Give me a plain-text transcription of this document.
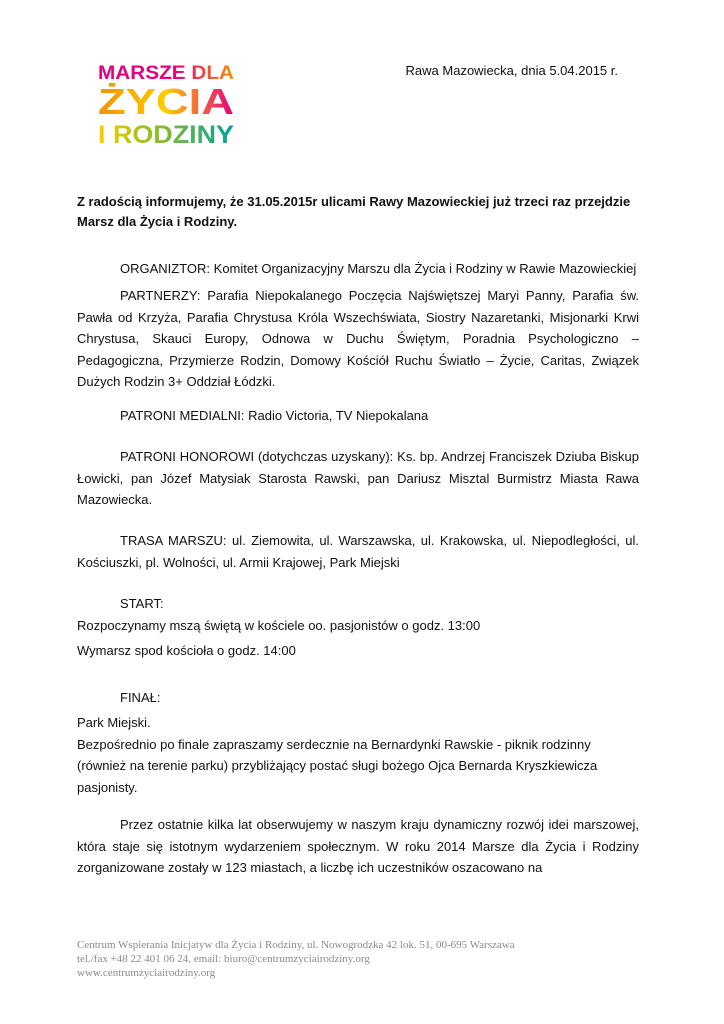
MARSZE DLA
ŻYCIA
I RODZINY
Rawa Mazowiecka, dnia 5.04.2015 r.
Z radością informujemy, że 31.05.2015r ulicami Rawy Mazowieckiej już trzeci raz przejdzie Marsz dla Życia i Rodziny.
ORGANIZTOR: Komitet Organizacyjny Marszu dla Życia i Rodziny w Rawie Mazowieckiej
PARTNERZY: Parafia Niepokalanego Poczęcia Najświętszej Maryi Panny, Parafia św. Pawła od Krzyża, Parafia Chrystusa Króla Wszechświata, Siostry Nazaretanki, Misjonarki Krwi Chrystusa, Skauci Europy, Odnowa w Duchu Świętym, Poradnia Psychologiczno – Pedagogiczna, Przymierze Rodzin, Domowy Kościół Ruchu Światło – Życie, Caritas, Związek Dużych Rodzin 3+ Oddział Łódzki.
PATRONI MEDIALNI: Radio Victoria, TV Niepokalana
PATRONI HONOROWI (dotychczas uzyskany): Ks. bp. Andrzej Franciszek Dziuba Biskup Łowicki, pan Józef Matysiak Starosta Rawski, pan Dariusz Misztal Burmistrz Miasta Rawa Mazowiecka.
TRASA MARSZU: ul. Ziemowita, ul. Warszawska, ul. Krakowska, ul. Niepodległości, ul. Kościuszki, pl. Wolności, ul. Armii Krajowej, Park Miejski
START:
Rozpoczynamy mszą świętą w kościele oo. pasjonistów o godz. 13:00
Wymarsz spod kościoła o godz. 14:00
FINAŁ:
Park Miejski.
Bezpośrednio po finale zapraszamy serdecznie na Bernardynki Rawskie - piknik rodzinny
(również na terenie parku) przybliżający postać sługi bożego Ojca Bernarda Kryszkiewicza
pasjonisty.
Przez ostatnie kilka lat obserwujemy w naszym kraju dynamiczny rozwój idei marszowej, która staje się istotnym wydarzeniem społecznym. W roku 2014 Marsze dla Życia i Rodziny zorganizowane zostały w 123 miastach, a liczbę ich uczestników oszacowano na
Centrum Wspierania Inicjatyw dla Życia i Rodziny, ul. Nowogrodzka 42 lok. 51, 00-695 Warszawa
tel./fax +48 22 401 06 24, email: biuro@centrumzyciairodziny.org
www.centrumzyciairodziny.org
